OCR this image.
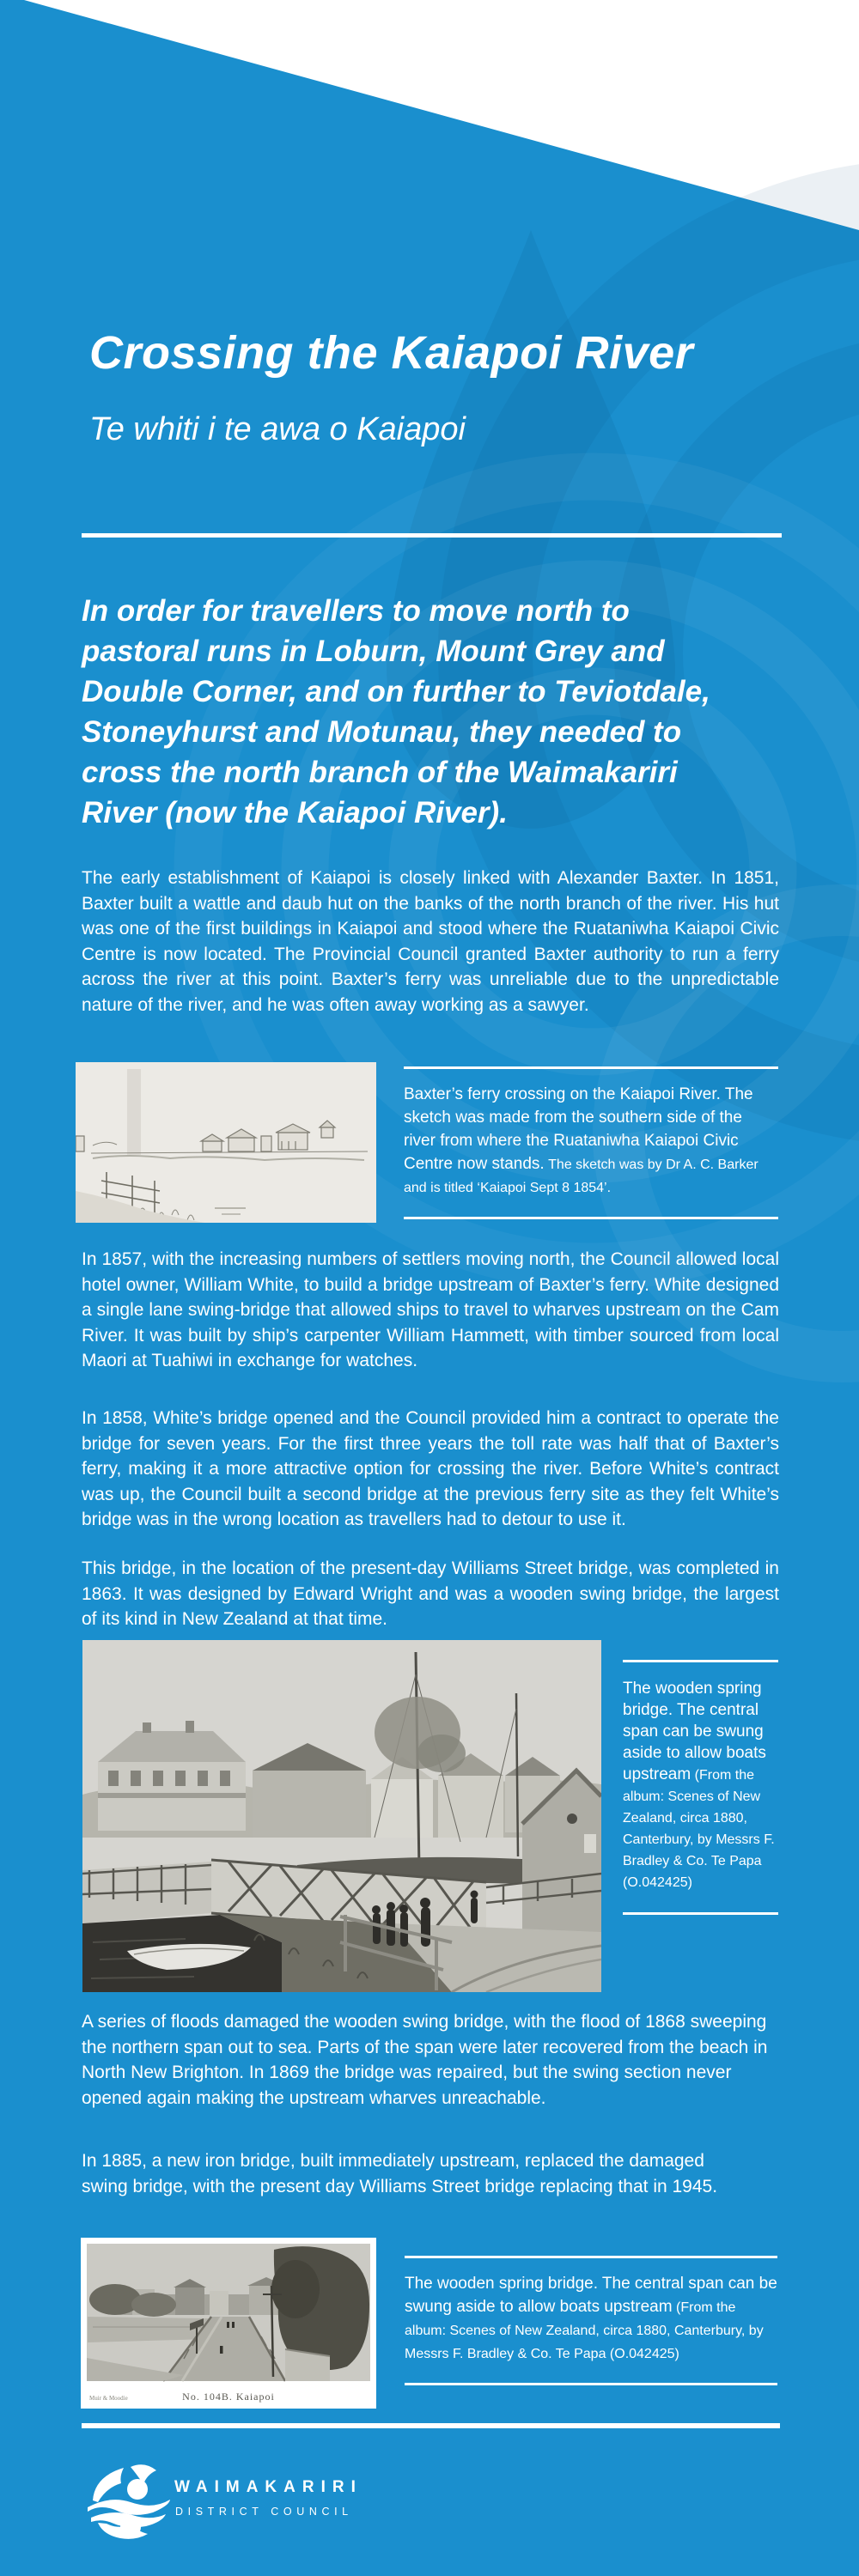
Crossing the Kaiapoi River
Te whiti i te awa o Kaiapoi

In order for travellers to move north to pastoral runs in Loburn, Mount Grey and Double Corner, and on further to Teviotdale, Stoneyhurst and Motunau, they needed to cross the north branch of the Waimakariri River (now the Kaiapoi River).

The early establishment of Kaiapoi is closely linked with Alexander Baxter. In 1851, Baxter built a wattle and daub hut on the banks of the north branch of the river. His hut was one of the first buildings in Kaiapoi and stood where the Ruataniwha Kaiapoi Civic Centre is now located. The Provincial Council granted Baxter authority to run a ferry across the river at this point. Baxter’s ferry was unreliable due to the unpredictable nature of the river, and he was often away working as a sawyer.

Baxter’s ferry crossing on the Kaiapoi River. The sketch was made from the southern side of the river from where the Ruataniwha Kaiapoi Civic Centre now stands. The sketch was by Dr A. C. Barker and is titled ‘Kaiapoi Sept 8 1854’.

In 1857, with the increasing numbers of settlers moving north, the Council allowed local hotel owner, William White, to build a bridge upstream of Baxter’s ferry. White designed a single lane swing-bridge that allowed ships to travel to wharves upstream on the Cam River. It was built by ship’s carpenter William Hammett, with timber sourced from local Maori at Tuahiwi in exchange for watches.

In 1858, White’s bridge opened and the Council provided him a contract to operate the bridge for seven years. For the first three years the toll rate was half that of Baxter’s ferry, making it a more attractive option for crossing the river. Before White’s contract was up, the Council built a second bridge at the previous ferry site as they felt White’s bridge was in the wrong location as travellers had to detour to use it.

This bridge, in the location of the present-day Williams Street bridge, was completed in 1863. It was designed by Edward Wright and was a wooden swing bridge, the largest of its kind in New Zealand at that time.

The wooden spring bridge. The central span can be swung aside to allow boats upstream (From the album: Scenes of New Zealand, circa 1880, Canterbury, by Messrs F. Bradley & Co. Te Papa (O.042425)

A series of floods damaged the wooden swing bridge, with the flood of 1868 sweeping the northern span out to sea. Parts of the span were later recovered from the beach in North New Brighton. In 1869 the bridge was repaired, but the swing section never opened again making the upstream wharves unreachable.

In 1885, a new iron bridge, built immediately upstream, replaced the damaged swing bridge, with the present day Williams Street bridge replacing that in 1945.

No. 104B. Kaiapoi
Muir & Moodie

The wooden spring bridge. The central span can be swung aside to allow boats upstream (From the album: Scenes of New Zealand, circa 1880, Canterbury, by Messrs F. Bradley & Co. Te Papa (O.042425)

WAIMAKARIRI
DISTRICT COUNCIL
